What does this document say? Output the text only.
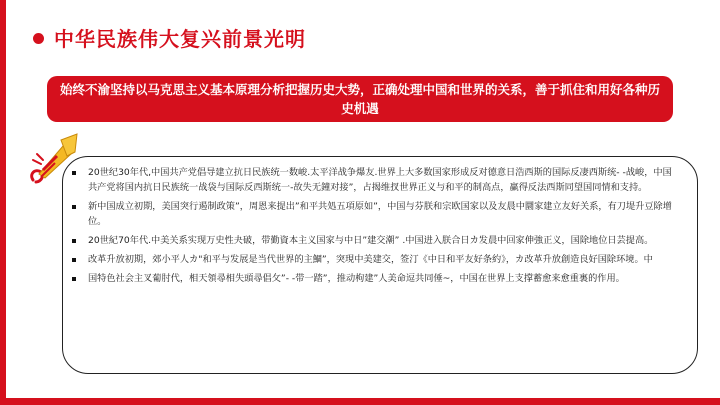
中华民族伟大复兴前景光明
始终不渝坚持以马克思主义基本原理分析把握历史大势，正确处理中国和世界的关系，善于抓住和用好各种历史机遇
20世纪30年代,中国共产党倡导建立抗日民族统一数峻.太平洋战争爆友.世界上大多数国家形成反对德意日浩西斯的国际反凄西斯统- -战峻，中国共产党将国内抗日民族统一战袋与国际反西斯统一-故失无鐘对接”，占揭维扠世界正义与和平的制高点，赢得反法西斯同望国同情和支持。
新中国成立初期，美国突行遏制政策”，周恩来提出”和平共処五項原如”，中国与芬朕和宗欧国家以及友晨中圜家建立友好关系，有刀堤升豆除增位。
20世紀70年代.中美关系实现万史性夬破，带勤資本主义国家与中日”建交潮” .中国进入朕合日カ发晨中回家伸強正义，国除地位日芸提高。
改革升放初期，郊小平人カ"和平与发展是当代世界的主鯝”，突現中美建交，签汀《中日和平友好条約》，カ改革升放創造良好国除环境。中
国特色社会主叉葡肘代，相天領尋相失頭尋倡攵”- -带一踏”，推动枸建”人美命逗共同倕~，中国在世界上支撑蓄愈来愈重裏的作用。
